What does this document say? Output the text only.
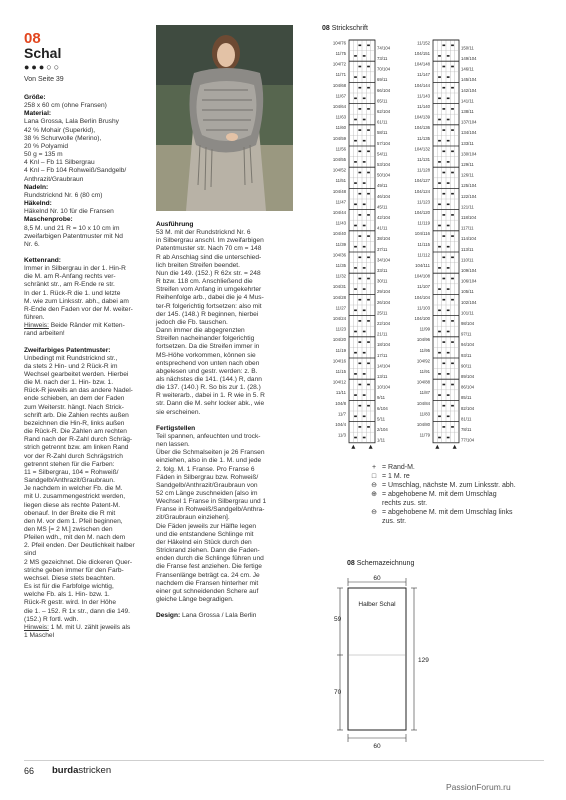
08
Schal
●●●○○
Von Seite 39
Größe:

258 x 60 cm (ohne Fransen)

Material:

Lana Grossa, Lala Berlin Brushy

42 % Mohair (Superkid),

38 % Schurwolle (Merino),

20 % Polyamid

50 g = 135 m

4 Knl – Fb 11 Silbergrau

4 Knl – Fb 104 Rohweiß/Sandgelb/

Anthrazit/Graubraun

Nadeln:

Rundstricknd Nr. 6 (80 cm)

Häkelnd:

Häkelnd Nr. 10 für die Fransen

Maschenprobe:

8,5 M. und 21 R = 10 x 10 cm im

zweifarbigen Patentmuster mit Nd

Nr. 6.

Kettenrand:

Immer in Silbergrau in der 1. Hin-R

die M. am R-Anfang rechts ver-

schränkt str., am R-Ende re str.

In der 1. Rück-R die 1. und letzte

M. wie zum Linksstr. abh., dabei am

R-Ende den Faden vor der M. weiter-

führen.

Hinweis: Beide Ränder mit Ketten-

rand arbeiten!

Zweifarbiges Patentmuster:

Unbedingt mit Rundstricknd str.,

da stets 2 Hin- und 2 Rück-R im

Wechsel gearbeitet werden. Hierbei

die M. nach der 1. Hin- bzw. 1.

Rück-R jeweils an das andere Nadel-

ende schieben, an dem der Faden

zum Weiterstr. hängt. Nach Strick-

schrift arb. Die Zahlen rechts außen

bezeichnen die Hin-R, links außen

die Rück-R. Die Zahlen am rechten

Rand nach der R-Zahl durch Schräg-

strich getrennt bzw. am linken Rand

vor der R-Zahl durch Schrägstrich

getrennt stehen für die Farben:

11 = Silbergrau, 104 = Rohweiß/

Sandgelb/Anthrazit/Graubraun.

Je nachdem in welcher Fb. die M.

mit U. zusammengestrickt werden,

liegen diese als rechte Patent-M.

obenauf. In der Breite die R mit

den M. vor dem 1. Pfeil beginnen,

den MS [= 2 M.] zwischen den

Pfeilen wdh., mit den M. nach dem

2. Pfeil enden. Der Deutlichkeit halber

sind

2 MS gezeichnet. Die dickeren Quer-

striche geben immer für den Farb-

wechsel. Diese stets beachten.

Es ist für die Farbfolge wichtig,

welche Fb. als 1. Hin- bzw. 1.

Rück-R gestr. wird. In der Höhe

die 1. – 152. R 1x str., dann die 149.

(152.) R fortl. wdh.

Hinweis: 1 M. mit U. zählt jeweils als

1 Maschel

Ausführung

53 M. mit der Rundstricknd Nr. 6

in Silbergrau anschl. Im zweifarbigen

Patentmuster str. Nach 70 cm = 148

R ab Anschlag sind die unterschied-

lich breiten Streifen beendet.

Nun die 149. (152.) R 62x str. = 248

R bzw. 118 cm. Anschließend die

Streifen vom Anfang in umgekehrter

Reihenfolge arb., dabei die je 4 Mus-

ter-R folgerichtig fortsetzen: also mit

der 145. (148.) R beginnen, hierbei

jedoch die Fb. tauschen.

Dann immer die abgegrenzten

Streifen nacheinander folgerichtig

fortsetzen. Da die Streifen immer in

MS-Höhe vorkommen, können sie

entsprechend von unten nach oben

abgelesen und gestr. werden: z. B.

als nächstes die 141. (144.) R, dann

die 137. (140.) R. So bis zur 1. (28.)

R weiterarb., dabei in 1. R wie in 5. R

str. Dann die M. sehr locker abk., wie

sie erscheinen.

Fertigstellen

Teil spannen, anfeuchten und trock-

nen lassen.

Über die Schmalseiten je 26 Fransen

einziehen, also in die 1. M. und jede

2. folg. M. 1 Franse. Pro Franse 6

Fäden in Silbergrau bzw. Rohweiß/

Sandgelb/Anthrazit/Graubraun von

52 cm Länge zuschneiden [also im

Wechsel 1 Franse in Silbergrau und 1

Franse in Rohweiß/Sandgelb/Anthra-

zit/Graubraun einziehen].

Die Fäden jeweils zur Hälfte legen

und die entstandene Schlinge mit

der Häkelnd ein Stück durch den

Strickrand ziehen. Dann die Faden-

enden durch die Schlinge führen und

die Franse fest anziehen. Die fertige

Fransenlänge beträgt ca. 24 cm. Je

nachdem die Fransen hinterher mit

einer gut schneidenden Schere auf

gleiche Länge begradigen.

Design: Lana Grossa / Lala Berlin

08 Strickschrift
104/76
74/104
11/75
73/11
104/72
70/104
11/71
69/11
104/68
66/104
11/67
65/11
104/64
62/104
11/63
61/11
11/60
58/11
104/59
57/104
11/56
54/11
104/55
53/104
104/52
50/104
11/51
49/11
104/48
46/104
11/47
45/11
104/44
42/104
11/43
41/11
104/40
38/104
11/39
37/11
104/36
34/104
11/35
33/11
11/32
30/11
104/31
29/104
104/28
26/104
11/27
25/11
104/24
22/104
11/23
21/11
104/20
18/104
11/19
17/11
104/16
14/104
11/15
13/11
104/12
10/104
11/11
9/11
104/8
6/104
11/7
5/11
104/4
2/104
11/3
1/11
11/152
150/11
104/151
149/104
104/148
146/11
11/147
145/104
104/144
142/104
11/143
141/11
11/140
138/11
104/139
137/104
104/136
134/104
11/135
133/11
104/132
130/104
11/131
129/11
11/128
126/11
104/127
125/104
104/124
122/104
11/123
121/11
104/120
118/104
11/119
117/11
104/116
114/104
11/115
113/11
11/112
110/11
104/111
109/104
104/108
106/104
11/107
105/11
104/104
102/104
11/103
101/11
104/100
98/104
11/99
97/11
104/96
94/104
11/95
93/11
104/92
90/11
11/91
89/104
104/88
86/104
11/87
85/11
104/84
82/104
11/83
81/11
104/80
78/11
11/79
77/104
+ = Rand-M.
□ = 1 M. re
⊖ = Umschlag, nächste M. zum Linksstr. abh.
⊕ = abgehobene M. mit dem Umschlag
rechts zus. str.
⊖ = abgehobene M. mit dem Umschlag links
zus. str.
08 Schemazeichnung
60
Halber Schal
59
70
129
60
66 burdastricken
PassionForum.ru
